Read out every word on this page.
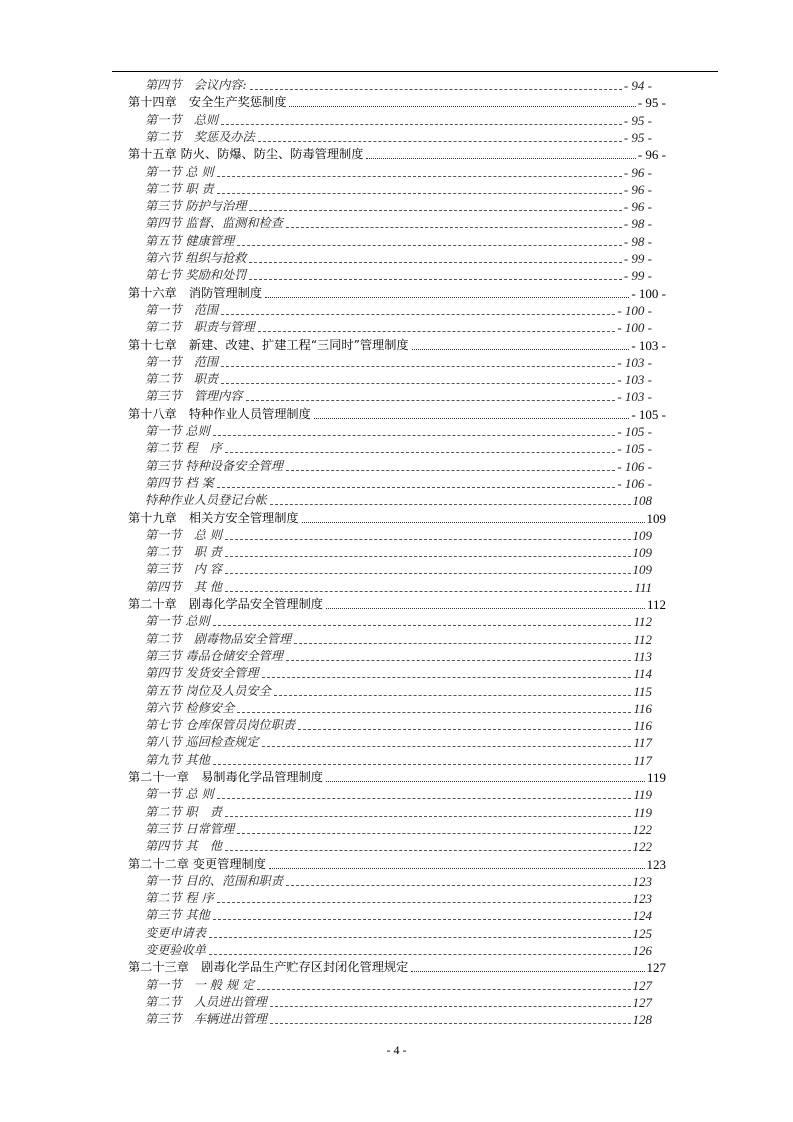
第四节　会议内容:	- 94 -
第十四章　安全生产奖惩制度	- 95 -
第一节　总则	- 95 -
第二节　奖惩及办法	- 95 -
第十五章 防火、防爆、防尘、防毒管理制度	- 96 -
第一节 总 则	- 96 -
第二节 职 责	- 96 -
第三节 防护与治理	- 96 -
第四节 监督、监测和检查	- 98 -
第五节 健康管理	- 98 -
第六节 组织与抢救	- 99 -
第七节 奖励和处罚	- 99 -
第十六章　消防管理制度	- 100 -
第一节　范围	- 100 -
第二节　职责与管理	- 100 -
第十七章　新建、改建、扩建工程“三同时”管理制度	- 103 -
第一节　范围	- 103 -
第二节　职责	- 103 -
第三节　管理内容	- 103 -
第十八章　特种作业人员管理制度	- 105 -
第一节 总则	- 105 -
第二节 程　序	- 105 -
第三节 特种设备安全管理	- 106 -
第四节 档 案	- 106 -
特种作业人员登记台帐	108
第十九章　相关方安全管理制度	109
第一节　总 则	109
第二节　职 责	109
第三节　内 容	109
第四节　其 他	111
第二十章　剧毒化学品安全管理制度	112
第一节 总则	112
第二节　剧毒物品安全管理	112
第三节 毒品仓储安全管理	113
第四节 发货安全管理	114
第五节 岗位及人员安全	115
第六节 检修安全	116
第七节 仓库保管员岗位职责	116
第八节 巡回检查规定	117
第九节 其他	117
第二十一章　易制毒化学品管理制度	119
第一节 总 则	119
第二节 职　责	119
第三节 日常管理	122
第四节 其　他	122
第二十二章 变更管理制度	123
第一节 目的、范围和职责	123
第二节 程 序	123
第三节 其他	124
变更申请表	125
变更验收单	126
第二十三章　剧毒化学品生产贮存区封闭化管理规定	127
第一节　一 般 规 定	127
第二节　人员进出管理	127
第三节　车辆进出管理	128
- 4 -
